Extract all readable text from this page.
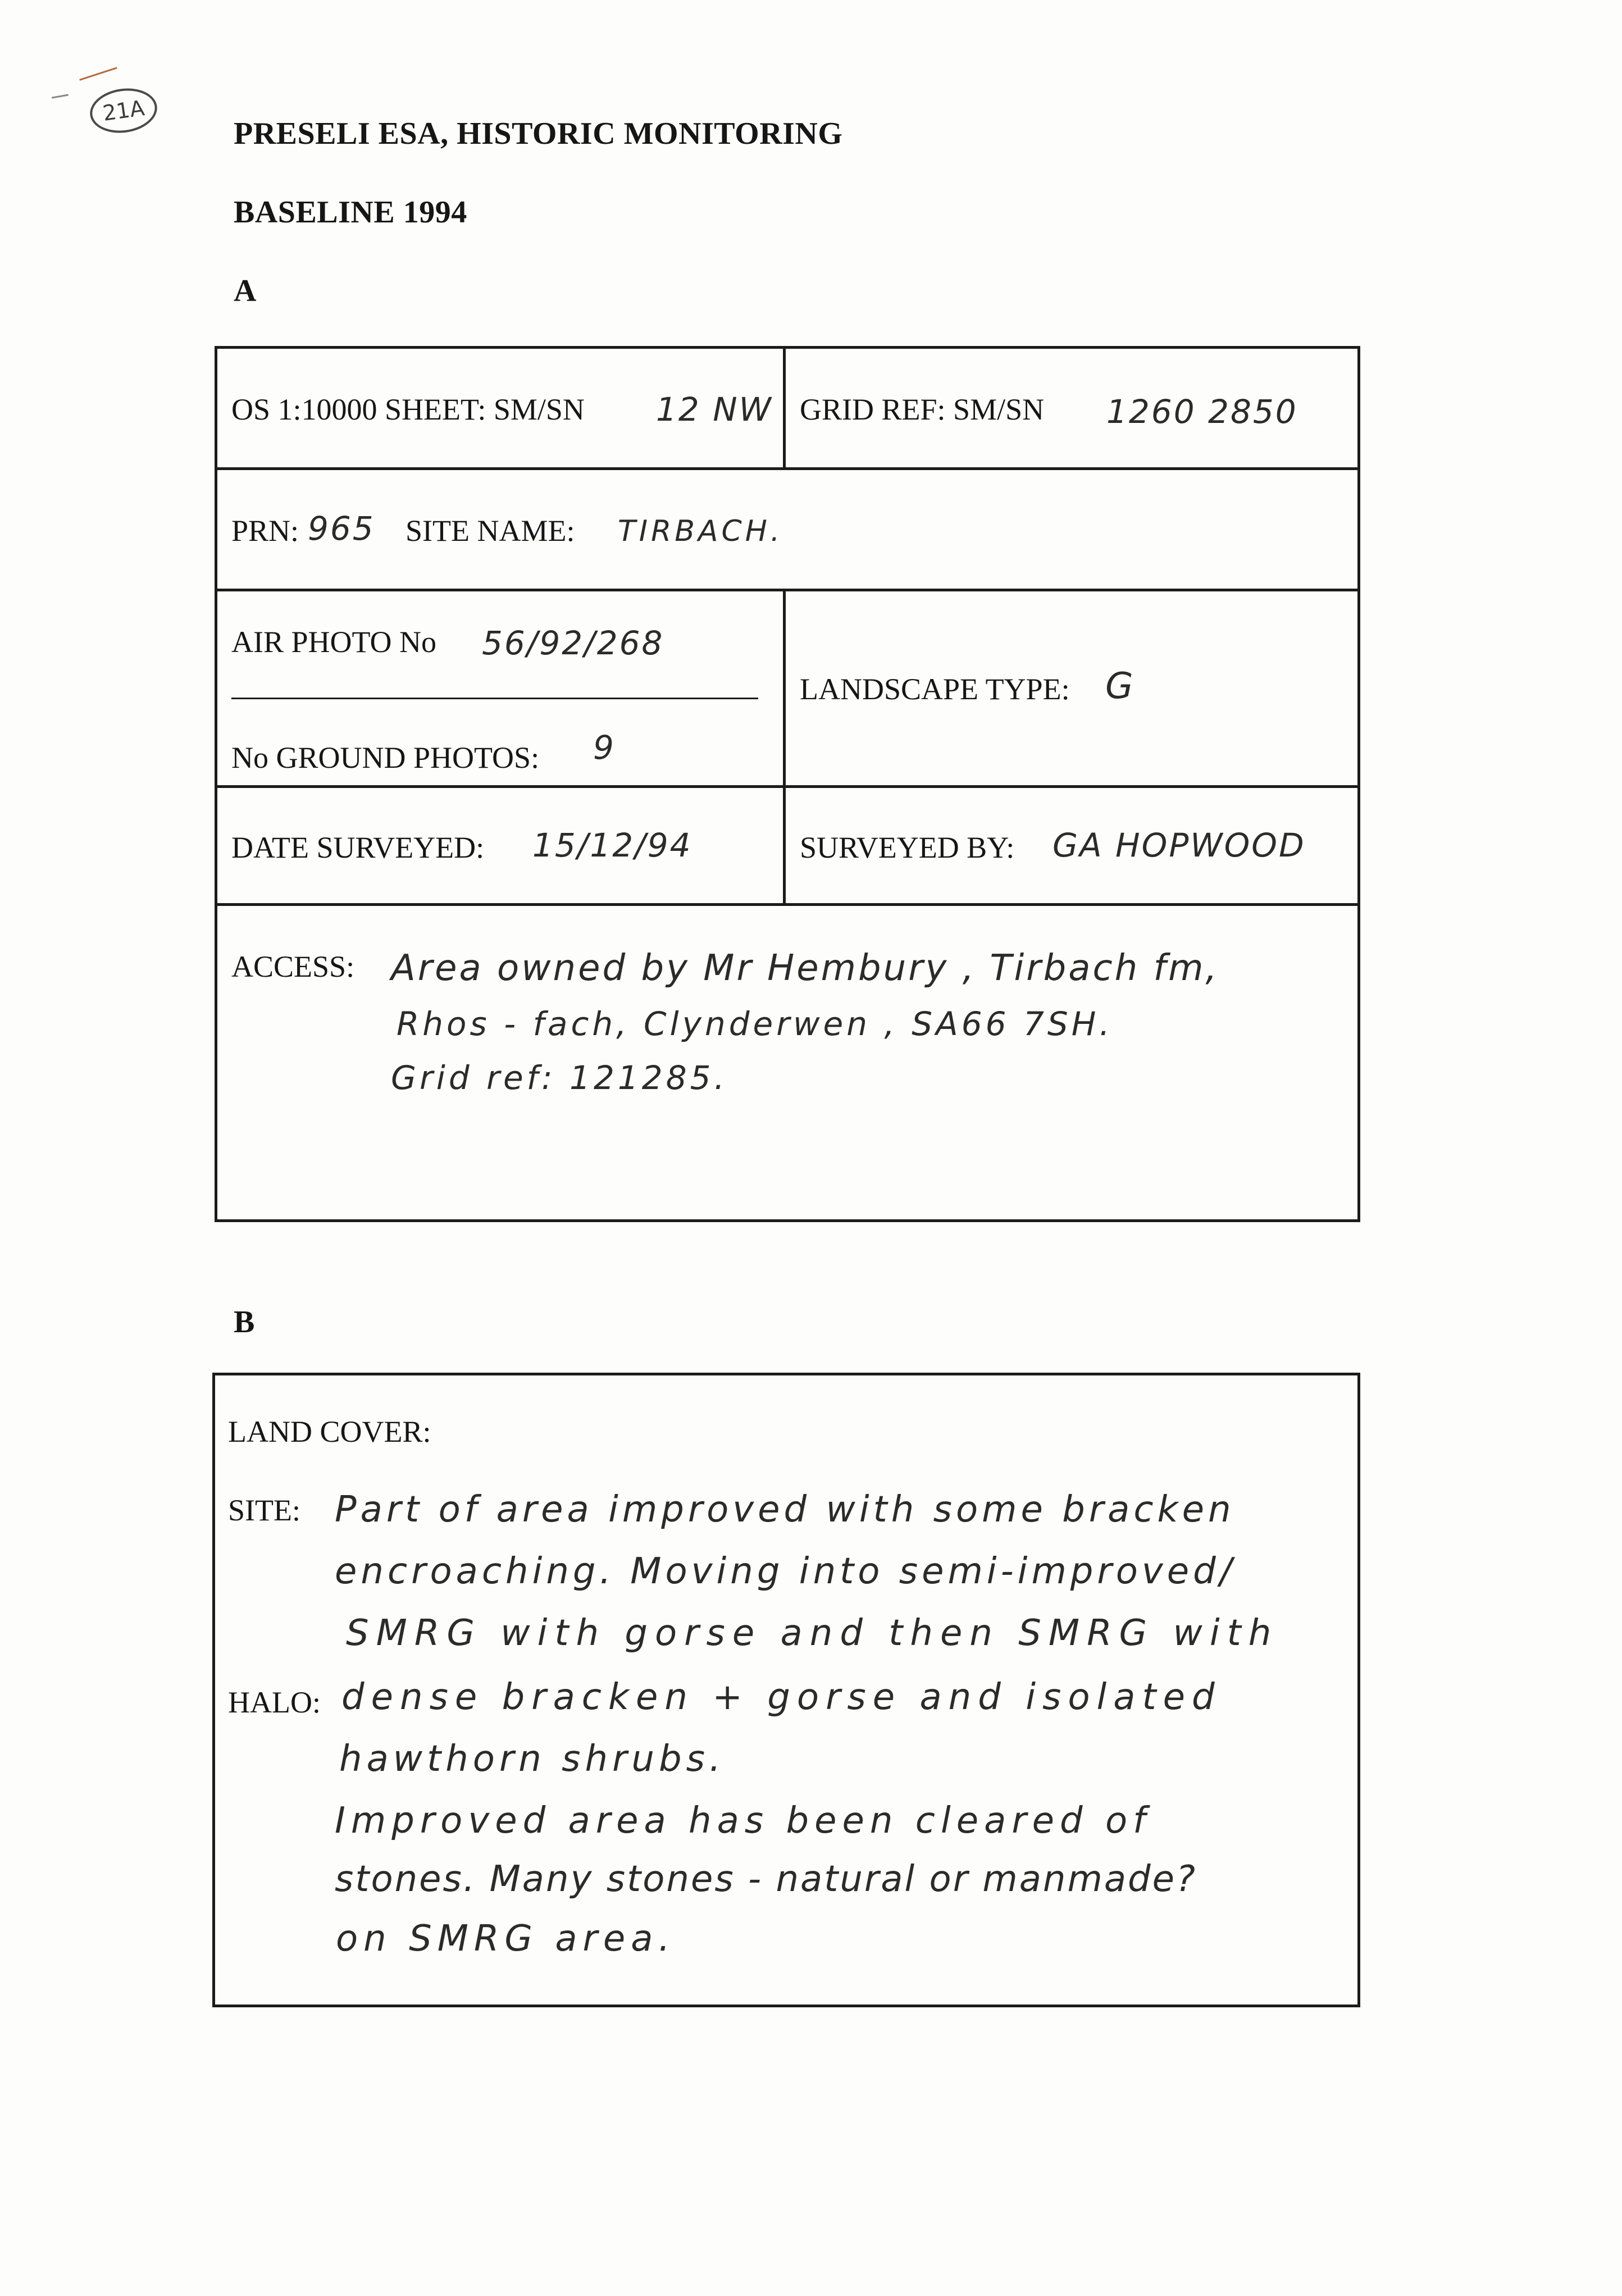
21A
PRESELI ESA, HISTORIC MONITORING
BASELINE 1994
A
OS 1:10000 SHEET: SM/SN 12 NW GRID REF: SM/SN 1260 2850
PRN: 965 SITE NAME: TIRBACH.
AIR PHOTO No 56/92/268
No GROUND PHOTOS: 9
LANDSCAPE TYPE: G
DATE SURVEYED: 15/12/94	SURVEYED BY: GA HOPWOOD
ACCESS: Area owned by Mr Hembury , Tirbach fm,
Rhos - fach, Clynderwen , SA66 7SH.
Grid ref: 121285.
B
LAND COVER:
SITE:
HALO:
Part of area improved with some bracken
encroaching. Moving into semi-improved/
SMRG with gorse and then SMRG with
dense bracken + gorse and isolated
hawthorn shrubs.
Improved area has been cleared of
stones. Many stones - natural or manmade?
on SMRG area.
